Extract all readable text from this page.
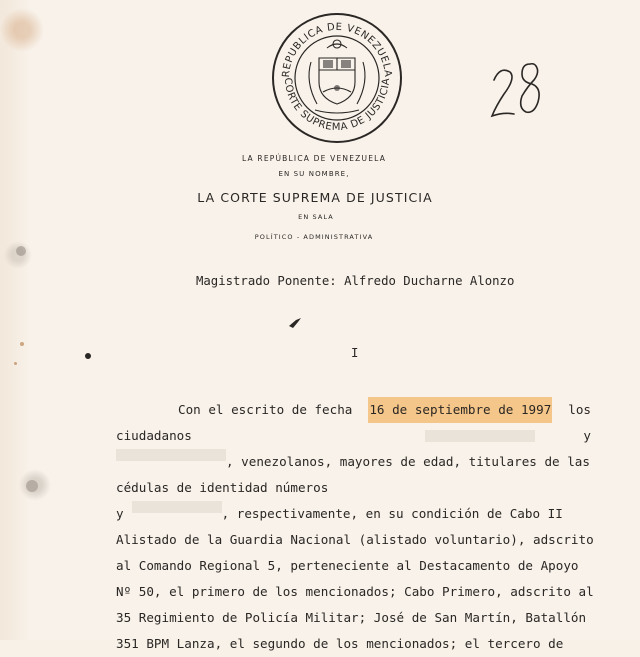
REPUBLICA DE VENEZUELA
CORTE SUPREMA DE JUSTICIA
LA REPÚBLICA DE VENEZUELA
EN SU NOMBRE,
LA CORTE SUPREMA DE JUSTICIA
EN SALA
POLÍTICO - ADMINISTRATIVA
Magistrado Ponente: Alfredo Ducharne Alonzo
I
Con el escrito de fecha 16 de septiembre de 1997 los
ciudadanos	y
, venezolanos, mayores de edad, titulares de las
cédulas de identidad números
y	, respectivamente, en su condición de Cabo II
Alistado de la Guardia Nacional (alistado voluntario), adscrito
al Comando Regional 5, perteneciente al Destacamento de Apoyo
Nº 50, el primero de los mencionados; Cabo Primero, adscrito al
35 Regimiento de Policía Militar; José de San Martín, Batallón
351 BPM Lanza, el segundo de los mencionados; el tercero de
